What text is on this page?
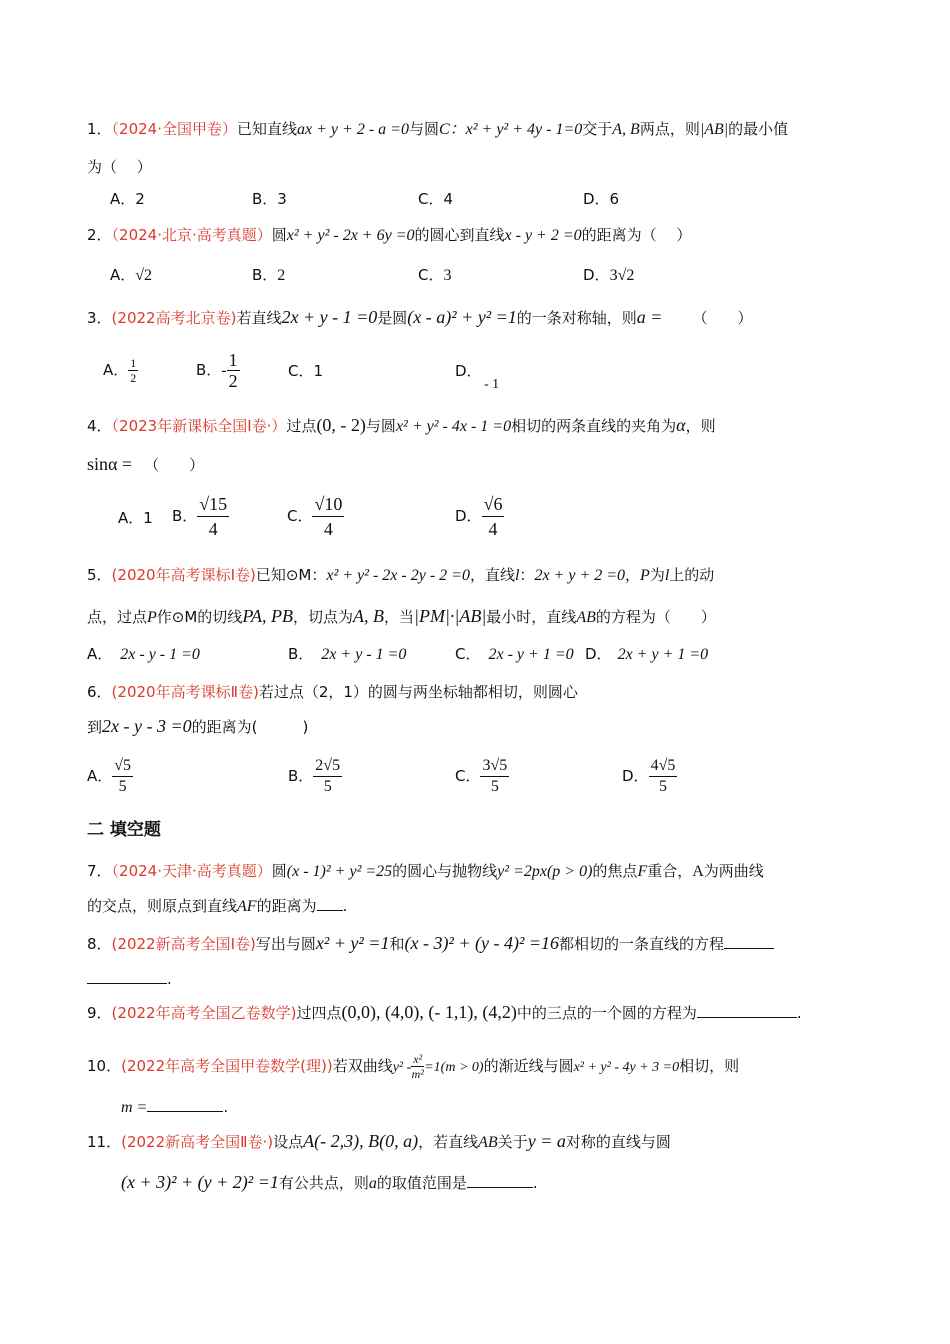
1．（2024·全国甲卷）已知直线ax + y + 2 - a =0与圆C：x² + y² + 4y - 1=0交于A, B两点，则|AB|的最小值
为（　 ）
A．2	B．3	C．4	D．6
2．（2024·北京·高考真题）圆x² + y² - 2x + 6y =0的圆心到直线x - y + 2 =0的距离为（　 ）
A．√2	B．2	C．3	D．3√2
3．(2022高考北京卷)若直线2x + y - 1 =0是圆(x - a)² + y² =1的一条对称轴，则a = （　　）
A． $\frac{1}{2}$	B．- $\frac{1}{2}$	C．1	D．
- 1
4．（2023年新课标全国Ⅰ卷·）过点(0, - 2)与圆x² + y² - 4x - 1 =0相切的两条直线的夹角为α，则
sinα = （　　）
A．1 B． $\frac{√15}{4}$	C． $\frac{√10}{4}$	D． $\frac{√6}{4}$
5．(2020年高考课标Ⅰ卷)已知⊙M：x² + y² - 2x - 2y - 2 =0，直线l：2x + y + 2 =0，P为l上的动
点，过点P作⊙M的切线PA, PB，切点为A, B，当|PM|·|AB|最小时，直线AB的方程为（　　）
A． 2x - y - 1 =0	B． 2x + y - 1 =0	C． 2x - y + 1 =0 D． 2x + y + 1 =0
6．(2020年高考课标Ⅱ卷)若过点（2，1）的圆与两坐标轴都相切，则圆心
到2x - y - 3 =0的距离为(　　　)
A． $\frac{√5}{5}$	B． $\frac{2√5}{5}$	C． $\frac{3√5}{5}$	D． $\frac{4√5}{5}$
二 填空题
7．（2024·天津·高考真题）圆(x - 1)² + y² =25的圆心与抛物线y² =2px(p > 0)的焦点F重合，A为两曲线
的交点，则原点到直线AF的距离为 .
8．(2022新高考全国Ⅰ卷)写出与圆x² + y² =1和(x - 3)² + (y - 4)² =16都相切的一条直线的方程
.
9．(2022年高考全国乙卷数学)过四点(0,0), (4,0), (- 1,1), (4,2)中的三点的一个圆的方程为	.
10．(2022年高考全国甲卷数学(理))若双曲线$y^2 - \frac{\text{x²}}{\text{m²}} =1(m > 0)$的渐近线与圆x² + y² - 4y + 3 =0相切，则
m =	.
11．(2022新高考全国Ⅱ卷·)设点A(- 2,3), B(0, a)，若直线AB关于y = a对称的直线与圆
(x + 3)² + (y + 2)² =1有公共点，则a的取值范围是	.
